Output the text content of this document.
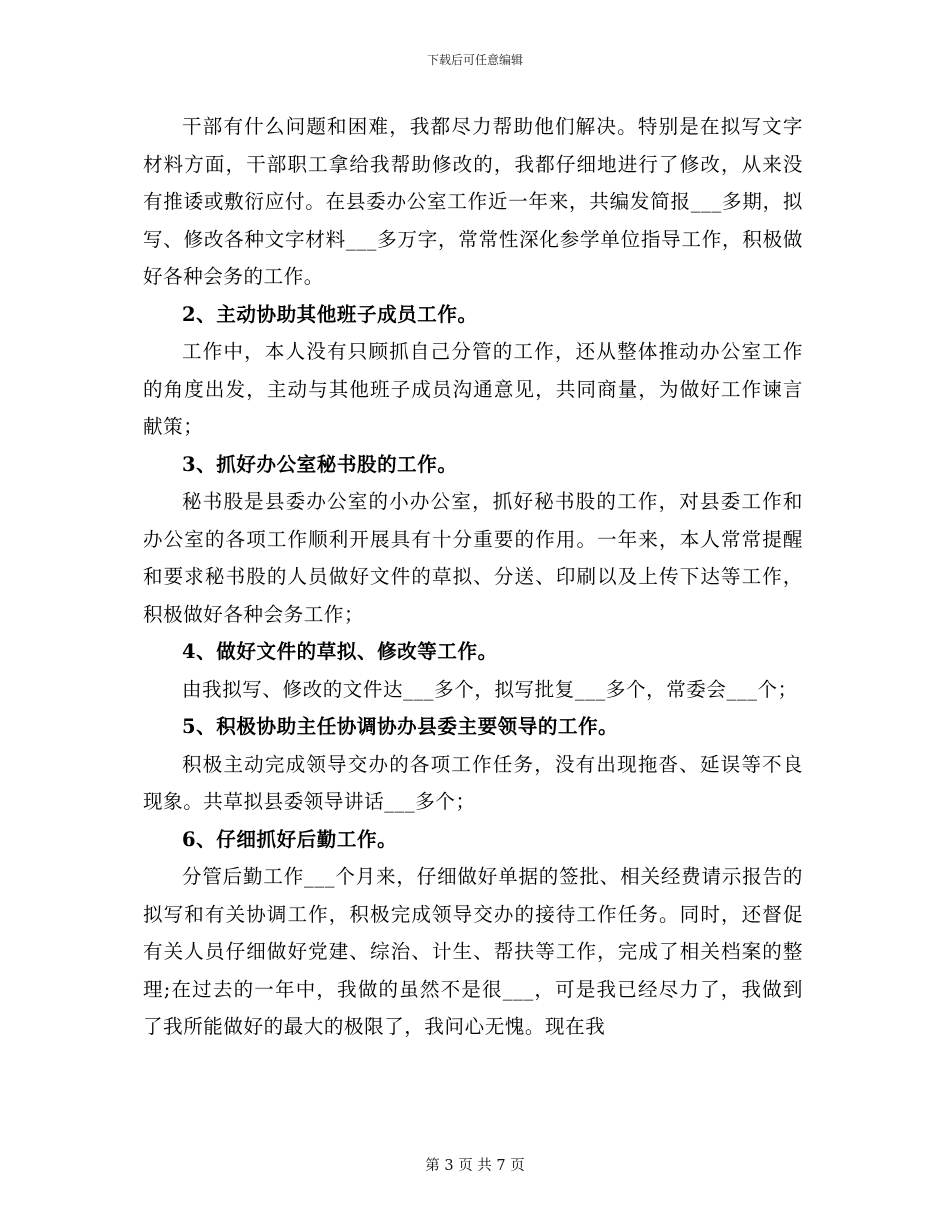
下载后可任意编辑

干部有什么问题和困难，我都尽力帮助他们解决。特别是在拟写文字材料方面，干部职工拿给我帮助修改的，我都仔细地进行了修改，从来没有推诿或敷衍应付。在县委办公室工作近一年来，共编发简报___多期，拟写、修改各种文字材料___多万字，常常性深化参学单位指导工作，积极做好各种会务的工作。

2、主动协助其他班子成员工作。

工作中，本人没有只顾抓自己分管的工作，还从整体推动办公室工作的角度出发，主动与其他班子成员沟通意见，共同商量，为做好工作谏言献策；

3、抓好办公室秘书股的工作。

秘书股是县委办公室的小办公室，抓好秘书股的工作，对县委工作和办公室的各项工作顺利开展具有十分重要的作用。一年来，本人常常提醒和要求秘书股的人员做好文件的草拟、分送、印刷以及上传下达等工作，积极做好各种会务工作；

4、做好文件的草拟、修改等工作。

由我拟写、修改的文件达___多个，拟写批复___多个，常委会___个；

5、积极协助主任协调协办县委主要领导的工作。

积极主动完成领导交办的各项工作任务，没有出现拖沓、延误等不良现象。共草拟县委领导讲话___多个；

6、仔细抓好后勤工作。

分管后勤工作___个月来，仔细做好单据的签批、相关经费请示报告的拟写和有关协调工作，积极完成领导交办的接待工作任务。同时，还督促有关人员仔细做好党建、综治、计生、帮扶等工作，完成了相关档案的整理;在过去的一年中，我做的虽然不是很___，可是我已经尽力了，我做到了我所能做好的最大的极限了，我问心无愧。现在我

第 3 页 共 7 页
